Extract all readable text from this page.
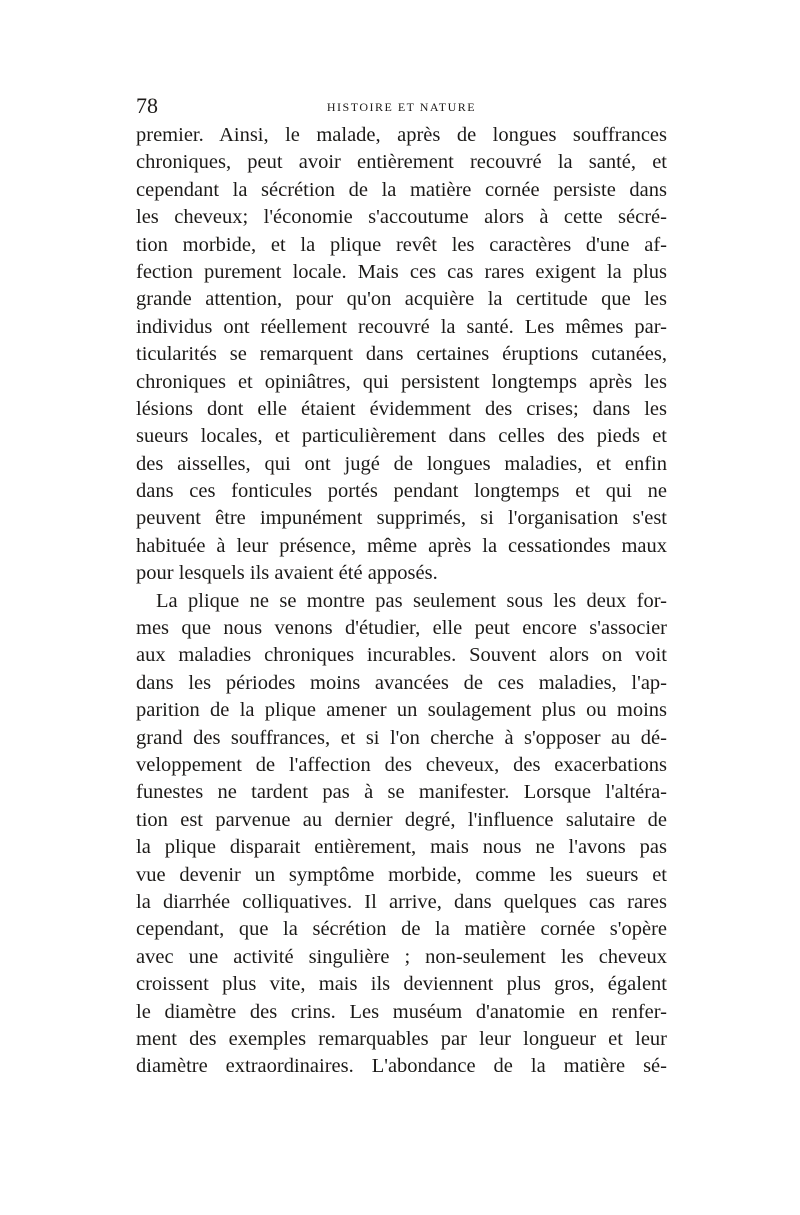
78	HISTOIRE ET NATURE
premier. Ainsi, le malade, après de longues souffrances
chroniques, peut avoir entièrement recouvré la santé, et
cependant la sécrétion de la matière cornée persiste dans
les cheveux; l'économie s'accoutume alors à cette sécré-
tion morbide, et la plique revêt les caractères d'une af-
fection purement locale. Mais ces cas rares exigent la plus
grande attention, pour qu'on acquière la certitude que les
individus ont réellement recouvré la santé. Les mêmes par-
ticularités se remarquent dans certaines éruptions cutanées,
chroniques et opiniâtres, qui persistent longtemps après les
lésions dont elle étaient évidemment des crises; dans les
sueurs locales, et particulièrement dans celles des pieds et
des aisselles, qui ont jugé de longues maladies, et enfin
dans ces fonticules portés pendant longtemps et qui ne
peuvent être impunément supprimés, si l'organisation s'est
habituée à leur présence, même après la cessationdes maux
pour lesquels ils avaient été apposés.
La plique ne se montre pas seulement sous les deux for-
mes que nous venons d'étudier, elle peut encore s'associer
aux maladies chroniques incurables. Souvent alors on voit
dans les périodes moins avancées de ces maladies, l'ap-
parition de la plique amener un soulagement plus ou moins
grand des souffrances, et si l'on cherche à s'opposer au dé-
veloppement de l'affection des cheveux, des exacerbations
funestes ne tardent pas à se manifester. Lorsque l'altéra-
tion est parvenue au dernier degré, l'influence salutaire de
la plique disparait entièrement, mais nous ne l'avons pas
vue devenir un symptôme morbide, comme les sueurs et
la diarrhée colliquatives. Il arrive, dans quelques cas rares
cependant, que la sécrétion de la matière cornée s'opère
avec une activité singulière ; non-seulement les cheveux
croissent plus vite, mais ils deviennent plus gros, égalent
le diamètre des crins. Les muséum d'anatomie en renfer-
ment des exemples remarquables par leur longueur et leur
diamètre extraordinaires. L'abondance de la matière sé-
